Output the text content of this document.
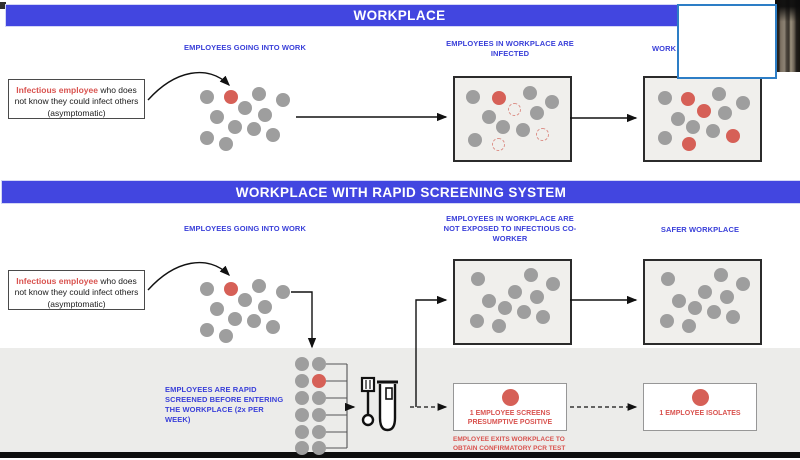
WORKPLACE
WORKPLACE WITH RAPID SCREENING SYSTEM
EMPLOYEES GOING INTO WORK	EMPLOYEES IN WORKPLACE ARE INFECTED
WORK
Infectious employee who does not know they could infect others (asymptomatic)
EMPLOYEES GOING INTO WORK
EMPLOYEES IN WORKPLACE ARE NOT EXPOSED TO INFECTIOUS CO-WORKER
SAFER WORKPLACE
EMPLOYEES ARE RAPID SCREENED BEFORE ENTERING THE WORKPLACE (2x PER WEEK)
Infectious employee who does not know they could infect others (asymptomatic)
1 EMPLOYEE SCREENS PRESUMPTIVE POSITIVE
EMPLOYEE EXITS WORKPLACE TO OBTAIN CONFIRMATORY PCR TEST
1 EMPLOYEE ISOLATES
